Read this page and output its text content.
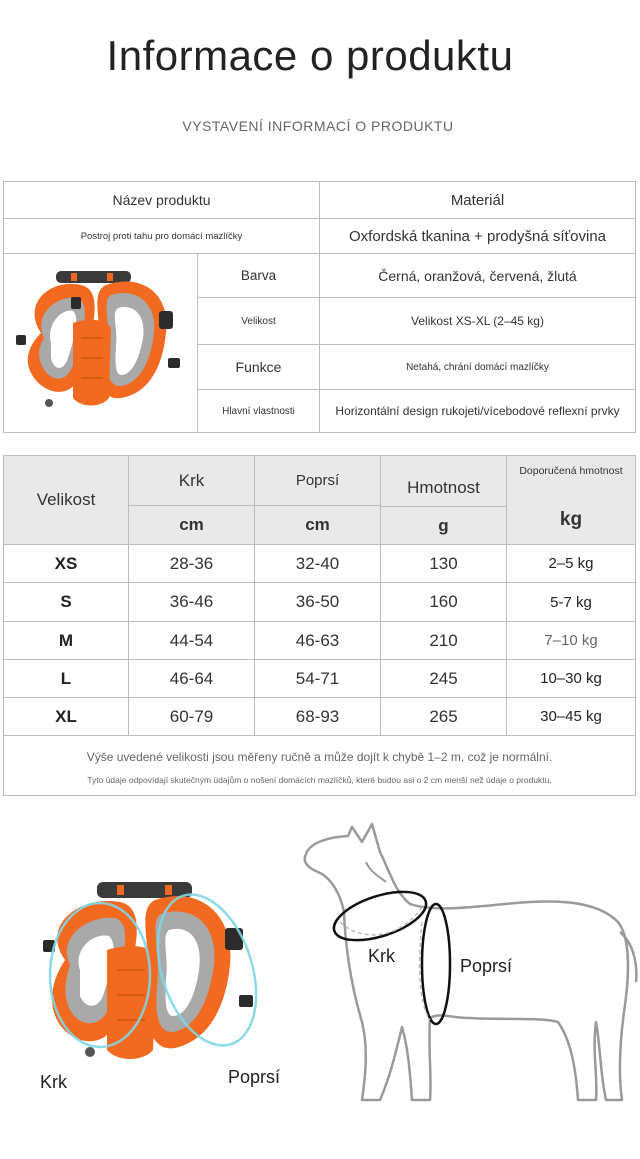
Informace o produktu
VYSTAVENÍ INFORMACÍ O PRODUKTU
Název produktu	Materiál
Postroj proti tahu pro domácí mazlíčky	Oxfordská tkanina + prodyšná síťovina
Barva	Černá, oranžová, červená, žlutá
Velikost	Velikost XS-XL (2–45 kg)
Funkce	Netahá, chrání domácí mazlíčky
Hlavní vlastnosti	Horizontální design rukojeti/vícebodové reflexní prvky
Velikost
Krk	Poprsí	Hmotnost
Doporučená hmotnost
cm	cm	g	kg
XS	28-36	32-40	130	2–5 kg
S	36-46	36-50	160	5-7 kg
M	44-54	46-63	210	7–10 kg
L	46-64	54-71	245	10–30 kg
XL	60-79	68-93	265	30–45 kg
Výše uvedené velikosti jsou měřeny ručně a může dojít k chybě 1–2 m, což je normální.
Tyto údaje odpovídají skutečným údajům o nošení domácích mazlíčků, které budou asi o 2 cm menší než údaje o produktu.
Krk	Poprsí
Krk	Poprsí
